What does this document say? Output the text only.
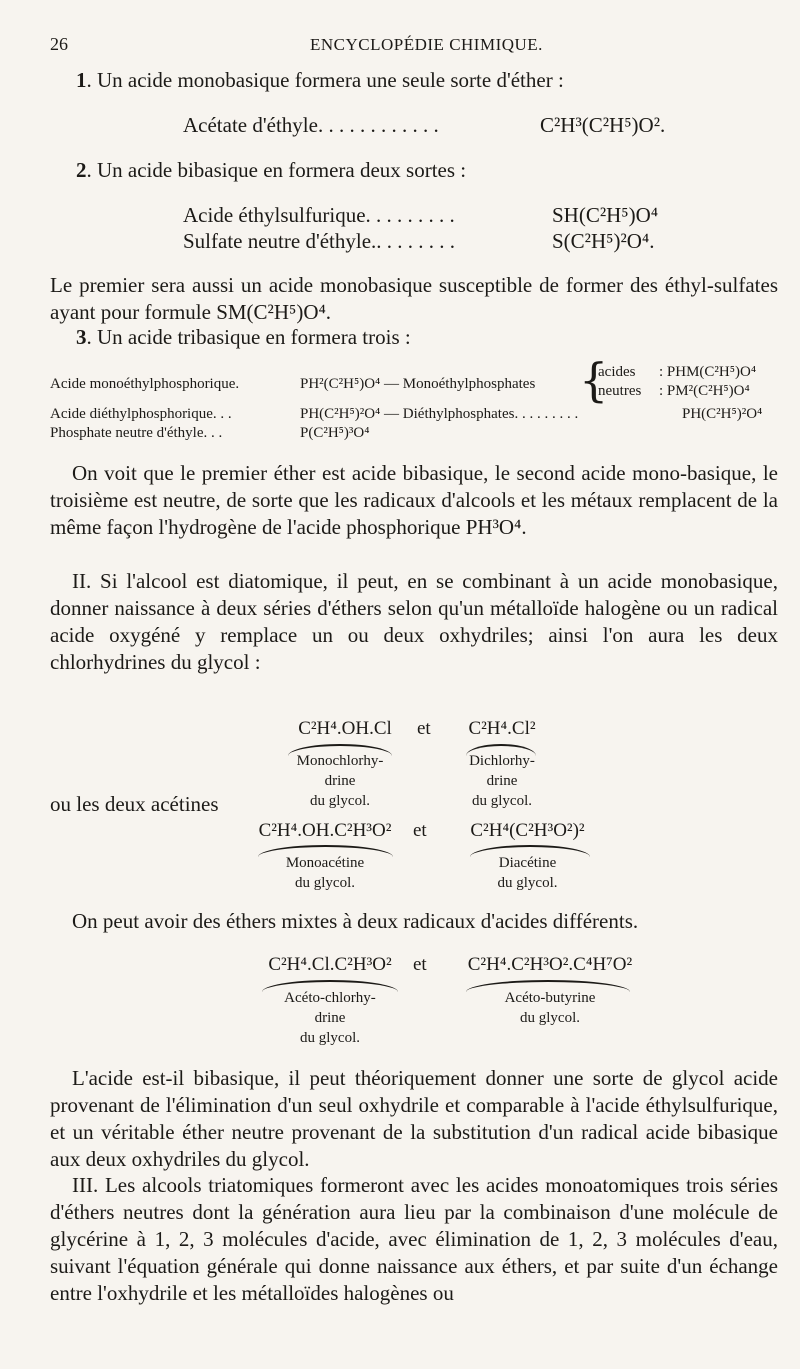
26	ENCYCLOPÉDIE CHIMIQUE.
1. Un acide monobasique formera une seule sorte d'éther :
Acétate d'éthyle. . . . . . . . . . . .	C²H³(C²H⁵)O².
2. Un acide bibasique en formera deux sortes :
Acide éthylsulfurique. . . . . . . . .	SH(C²H⁵)O⁴
Sulfate neutre d'éthyle.. . . . . . . .	S(C²H⁵)²O⁴.
Le premier sera aussi un acide monobasique susceptible de former des éthyl-sulfates ayant pour formule SM(C²H⁵)O⁴.
3. Un acide tribasique en formera trois :
Acide monoéthylphosphorique.	PH²(C²H⁵)O⁴ — Monoéthylphosphates {
acides : PHM(C²H⁵)O⁴
neutres : PM²(C²H⁵)O⁴
Acide diéthylphosphorique. . .	PH(C²H⁵)²O⁴ — Diéthylphosphates. . . . . . . . .	PH(C²H⁵)²O⁴
Phosphate neutre d'éthyle. . .	P(C²H⁵)³O⁴
On voit que le premier éther est acide bibasique, le second acide mono-basique, le troisième est neutre, de sorte que les radicaux d'alcools et les métaux remplacent de la même façon l'hydrogène de l'acide phosphorique PH³O⁴.
II. Si l'alcool est diatomique, il peut, en se combinant à un acide monobasique, donner naissance à deux séries d'éthers selon qu'un métalloïde halogène ou un radical acide oxygéné y remplace un ou deux oxhydriles; ainsi l'on aura les deux chlorhydrines du glycol :
C²H⁴.OH.Cl	et	C²H⁴.Cl²
Monochlorhy-
drine
du glycol.
Dichlorhy-
drine
du glycol.
ou les deux acétines
C²H⁴.OH.C²H³O²	et	C²H⁴(C²H³O²)²
Monoacétine
du glycol.
Diacétine
du glycol.
On peut avoir des éthers mixtes à deux radicaux d'acides différents.
C²H⁴.Cl.C²H³O²	et	C²H⁴.C²H³O².C⁴H⁷O²
Acéto-chlorhy-
drine
du glycol.
Acéto-butyrine
du glycol.
L'acide est-il bibasique, il peut théoriquement donner une sorte de glycol acide provenant de l'élimination d'un seul oxhydrile et comparable à l'acide éthylsulfurique, et un véritable éther neutre provenant de la substitution d'un radical acide bibasique aux deux oxhydriles du glycol.
III. Les alcools triatomiques formeront avec les acides monoatomiques trois séries d'éthers neutres dont la génération aura lieu par la combinaison d'une molécule de glycérine à 1, 2, 3 molécules d'acide, avec élimination de 1, 2, 3 molécules d'eau, suivant l'équation générale qui donne naissance aux éthers, et par suite d'un échange entre l'oxhydrile et les métalloïdes halogènes ou
